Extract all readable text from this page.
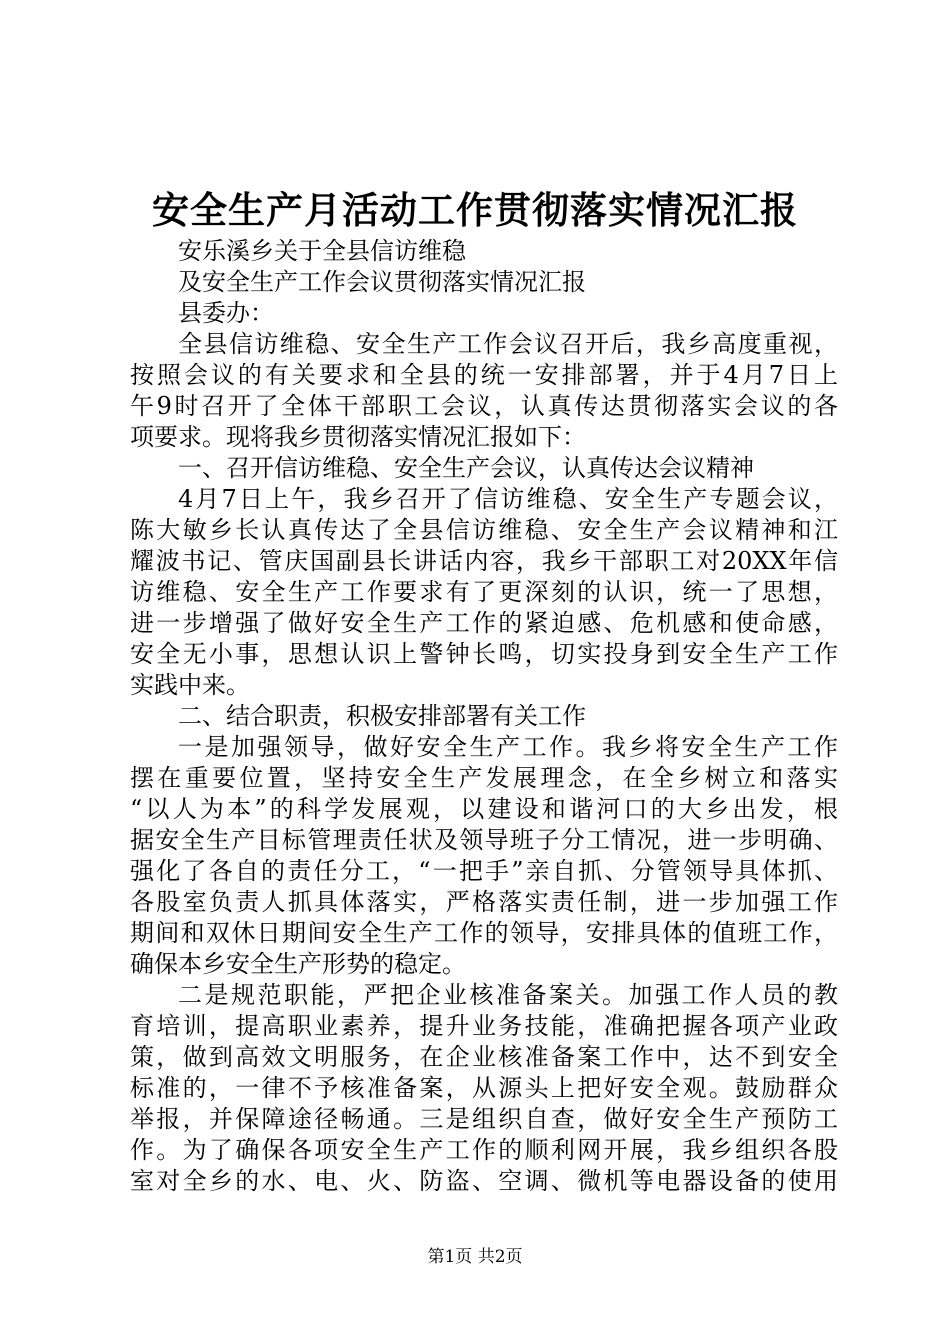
安全生产月活动工作贯彻落实情况汇报

安乐溪乡关于全县信访维稳

及安全生产工作会议贯彻落实情况汇报

县委办：

全县信访维稳、安全生产工作会议召开后，我乡高度重视，

按照会议的有关要求和全县的统一安排部署，并于4月7日上

午9时召开了全体干部职工会议，认真传达贯彻落实会议的各

项要求。现将我乡贯彻落实情况汇报如下：

一、召开信访维稳、安全生产会议，认真传达会议精神

4月7日上午，我乡召开了信访维稳、安全生产专题会议，

陈大敏乡长认真传达了全县信访维稳、安全生产会议精神和江

耀波书记、管庆国副县长讲话内容，我乡干部职工对20XX年信

访维稳、安全生产工作要求有了更深刻的认识，统一了思想，

进一步增强了做好安全生产工作的紧迫感、危机感和使命感，

安全无小事，思想认识上警钟长鸣，切实投身到安全生产工作

实践中来。

二、结合职责，积极安排部署有关工作

一是加强领导，做好安全生产工作。我乡将安全生产工作

摆在重要位置，坚持安全生产发展理念，在全乡树立和落实

“以人为本”的科学发展观，以建设和谐河口的大乡出发，根

据安全生产目标管理责任状及领导班子分工情况，进一步明确、

强化了各自的责任分工，“一把手”亲自抓、分管领导具体抓、

各股室负责人抓具体落实，严格落实责任制，进一步加强工作

期间和双休日期间安全生产工作的领导，安排具体的值班工作，

确保本乡安全生产形势的稳定。

二是规范职能，严把企业核准备案关。加强工作人员的教

育培训，提高职业素养，提升业务技能，准确把握各项产业政

策，做到高效文明服务，在企业核准备案工作中，达不到安全

标准的，一律不予核准备案，从源头上把好安全观。鼓励群众

举报，并保障途径畅通。三是组织自查，做好安全生产预防工

作。为了确保各项安全生产工作的顺利网开展，我乡组织各股

室对全乡的水、电、火、防盗、空调、微机等电器设备的使用

第1页 共2页
